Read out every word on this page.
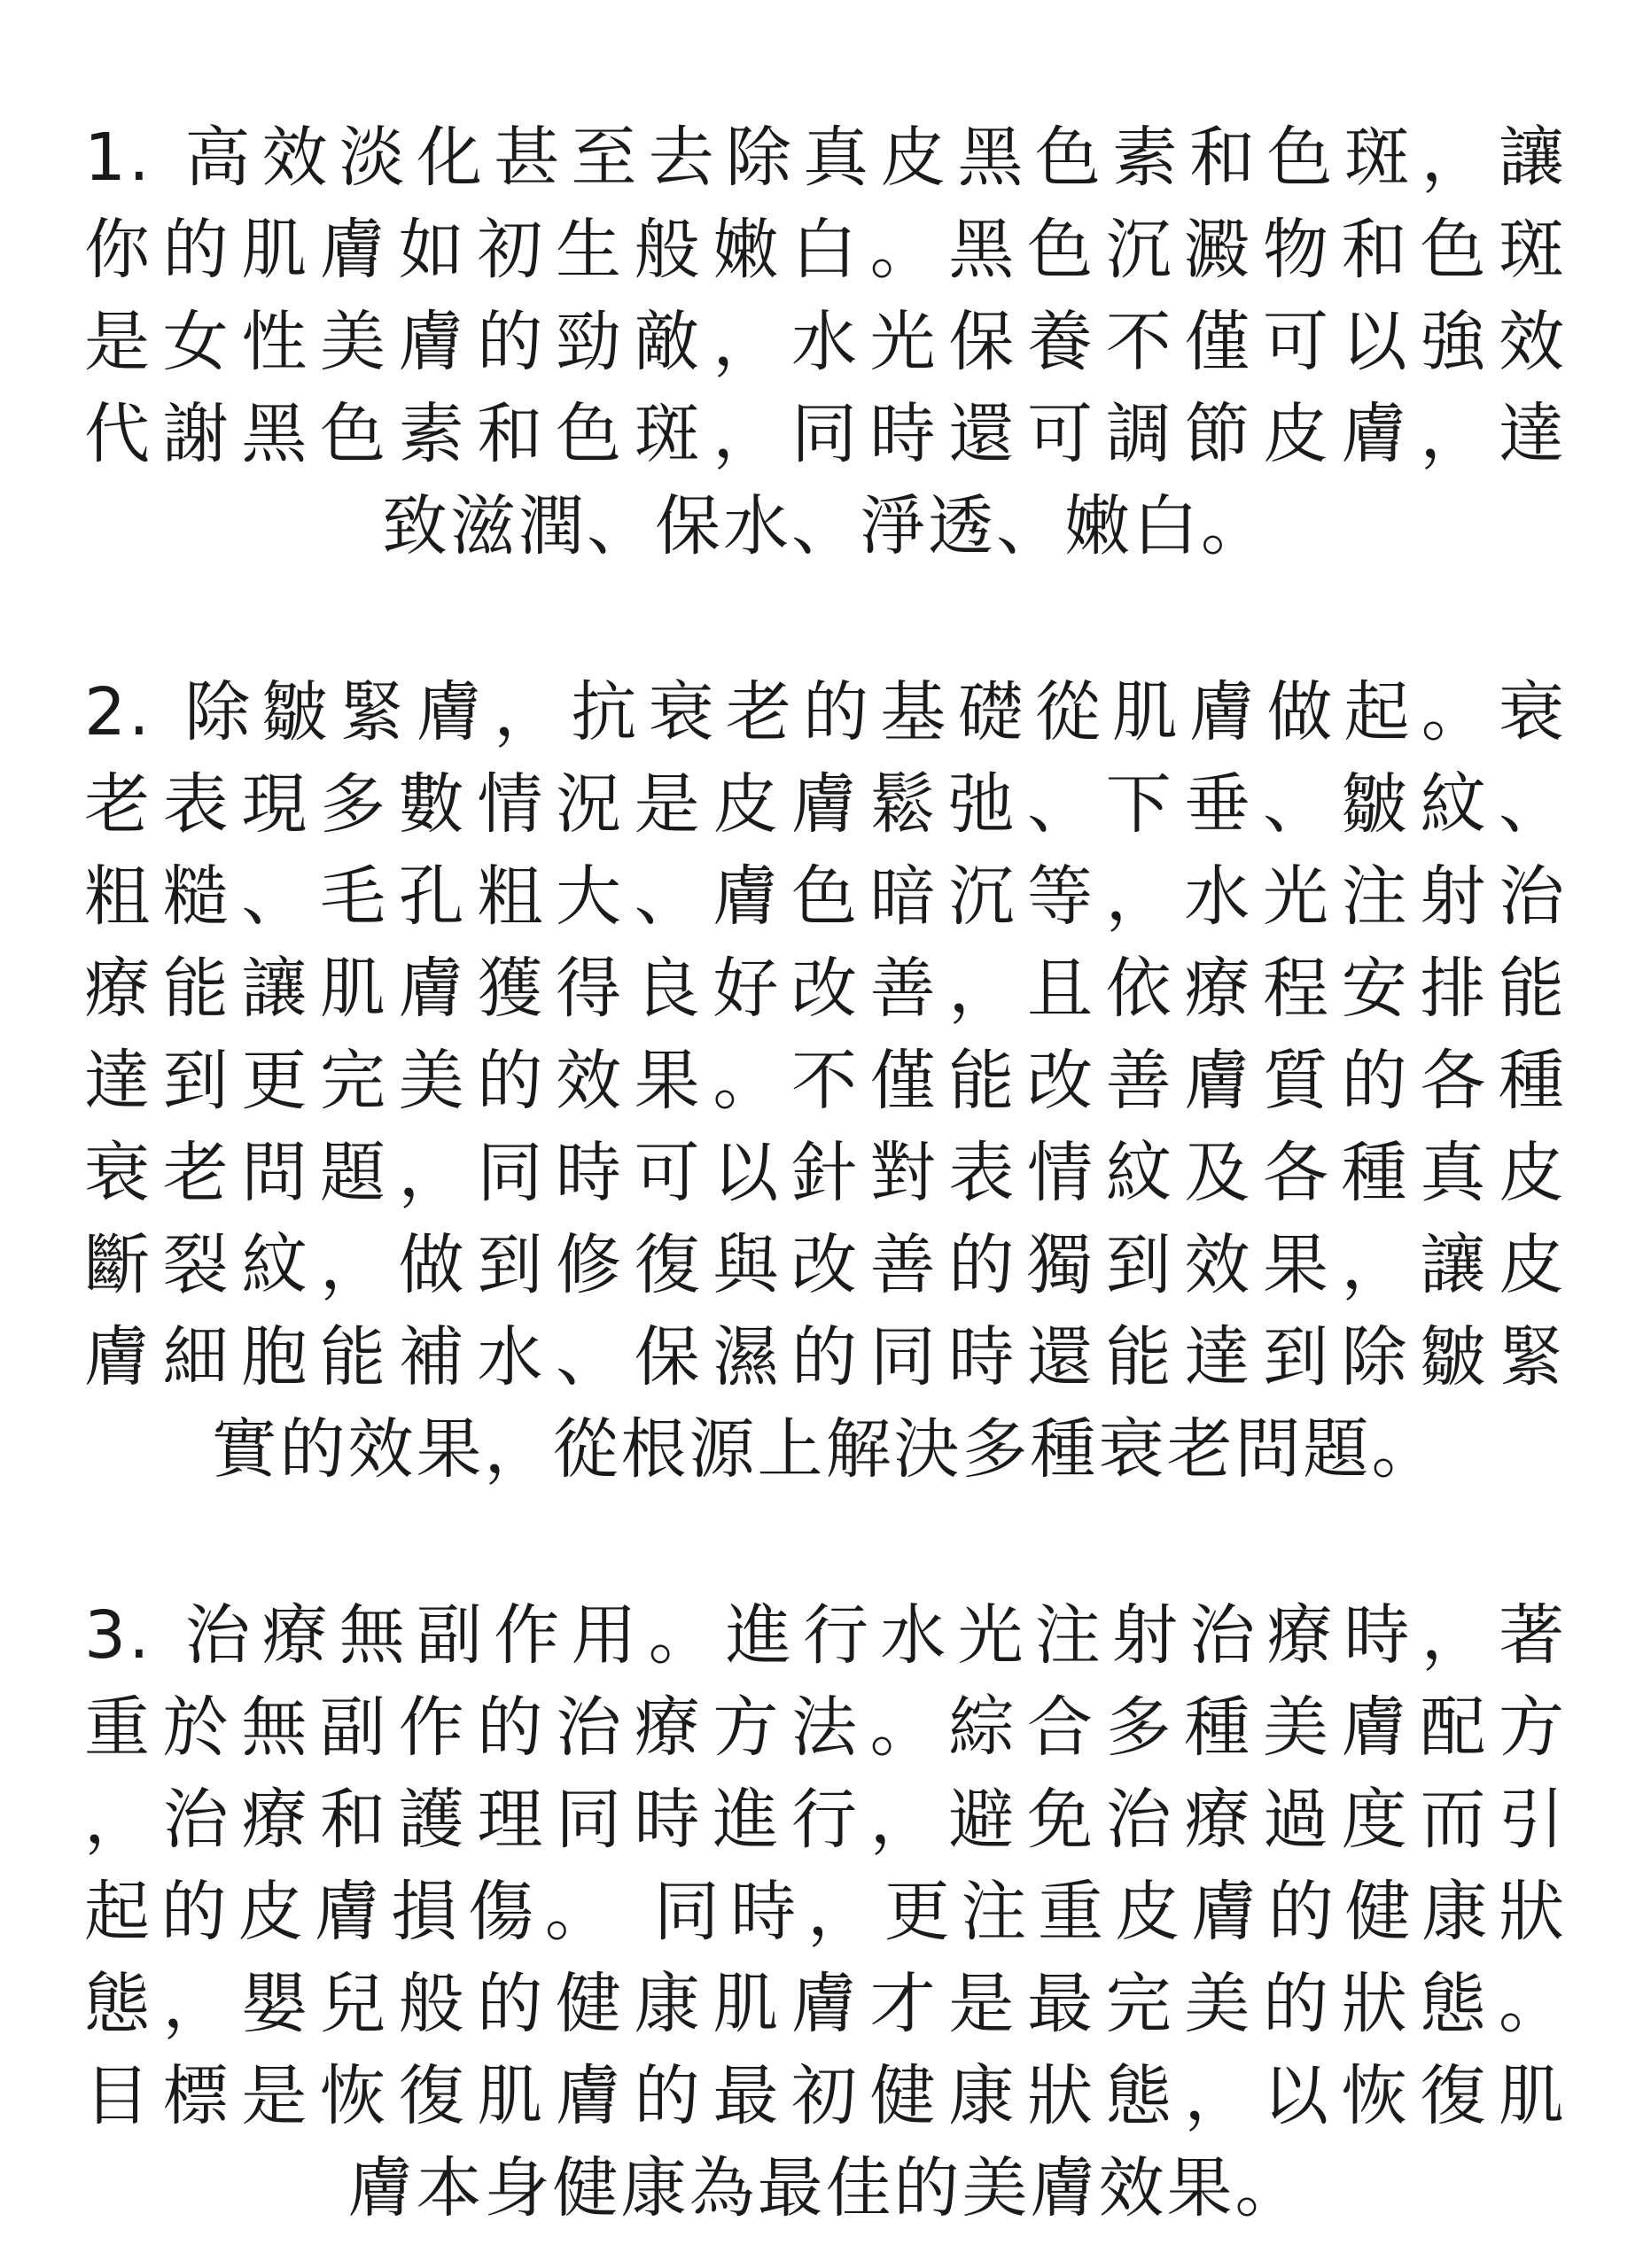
1. 高效淡化甚至去除真皮黑色素和色斑，讓
你的肌膚如初生般嫩白。黑色沉澱物和色斑
是女性美膚的勁敵，水光保養不僅可以強效
代謝黑色素和色斑，同時還可調節皮膚，達
致滋潤、保水、淨透、嫩白。
2. 除皺緊膚，抗衰老的基礎從肌膚做起。衰
老表現多數情況是皮膚鬆弛、下垂、皺紋、
粗糙、毛孔粗大、膚色暗沉等，水光注射治
療能讓肌膚獲得良好改善，且依療程安排能
達到更完美的效果。不僅能改善膚質的各種
衰老問題，同時可以針對表情紋及各種真皮
斷裂紋，做到修復與改善的獨到效果，讓皮
膚細胞能補水、保濕的同時還能達到除皺緊
實的效果，從根源上解決多種衰老問題。
3. 治療無副作用。進行水光注射治療時，著
重於無副作的治療方法。綜合多種美膚配方
，治療和護理同時進行，避免治療過度而引
起的皮膚損傷。 同時，更注重皮膚的健康狀
態，嬰兒般的健康肌膚才是最完美的狀態。
目標是恢復肌膚的最初健康狀態，以恢復肌
膚本身健康為最佳的美膚效果。
